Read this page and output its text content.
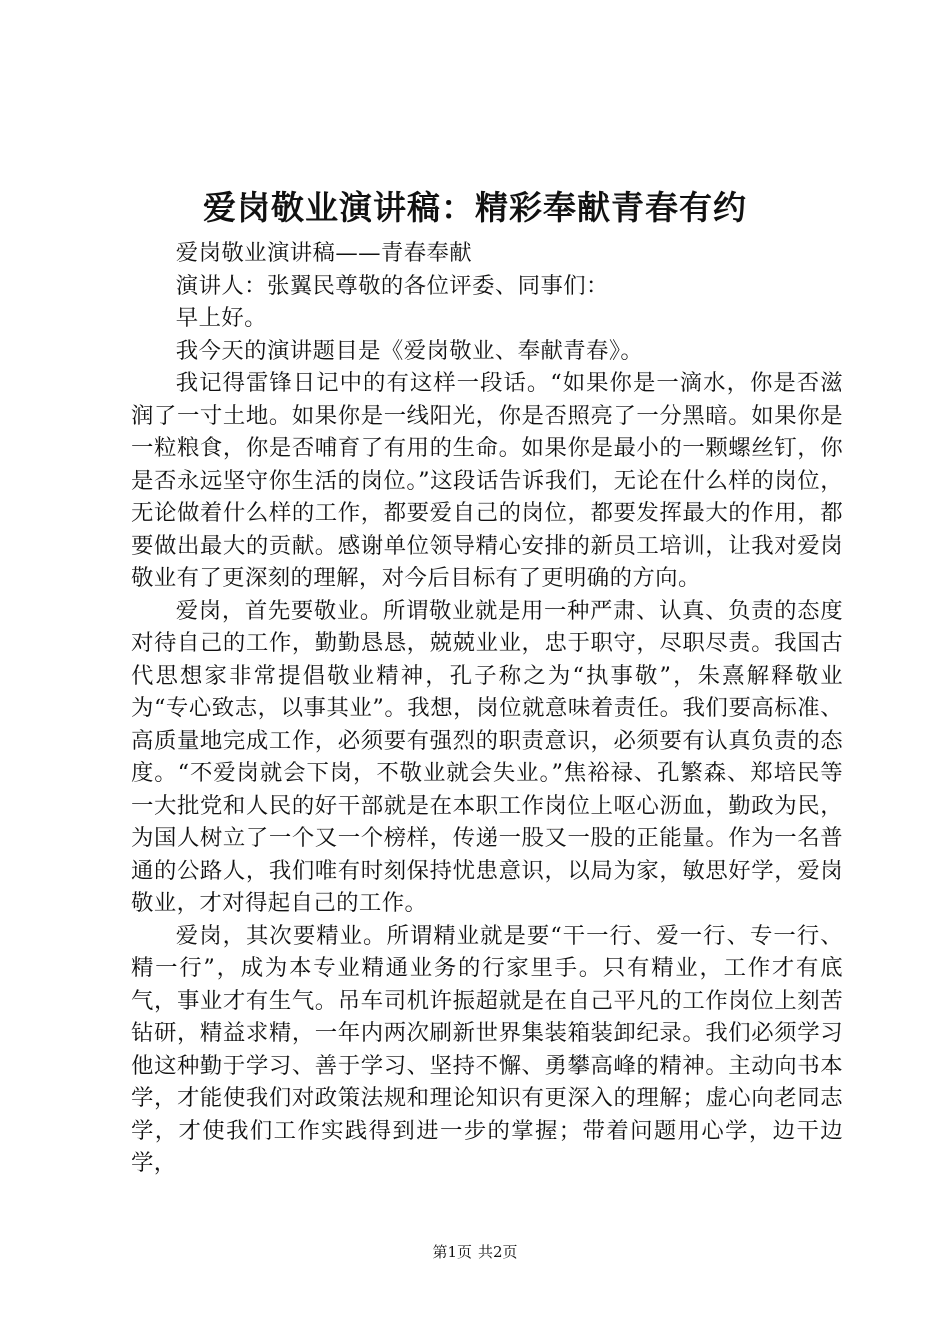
爱岗敬业演讲稿：精彩奉献青春有约

爱岗敬业演讲稿——青春奉献

演讲人：张翼民尊敬的各位评委、同事们：

早上好。

我今天的演讲题目是《爱岗敬业、奉献青春》。

我记得雷锋日记中的有这样一段话。“如果你是一滴水，你是否滋润了一寸土地。如果你是一线阳光，你是否照亮了一分黑暗。如果你是一粒粮食，你是否哺育了有用的生命。如果你是最小的一颗螺丝钉，你是否永远坚守你生活的岗位。”这段话告诉我们，无论在什么样的岗位，无论做着什么样的工作，都要爱自己的岗位，都要发挥最大的作用，都要做出最大的贡献。感谢单位领导精心安排的新员工培训，让我对爱岗敬业有了更深刻的理解，对今后目标有了更明确的方向。

爱岗，首先要敬业。所谓敬业就是用一种严肃、认真、负责的态度对待自己的工作，勤勤恳恳，兢兢业业，忠于职守，尽职尽责。我国古代思想家非常提倡敬业精神，孔子称之为“执事敬”，朱熹解释敬业为“专心致志，以事其业”。我想，岗位就意味着责任。我们要高标准、高质量地完成工作，必须要有强烈的职责意识，必须要有认真负责的态度。“不爱岗就会下岗，不敬业就会失业。”焦裕禄、孔繁森、郑培民等一大批党和人民的好干部就是在本职工作岗位上呕心沥血，勤政为民，为国人树立了一个又一个榜样，传递一股又一股的正能量。作为一名普通的公路人，我们唯有时刻保持忧患意识，以局为家，敏思好学，爱岗敬业，才对得起自己的工作。

爱岗，其次要精业。所谓精业就是要“干一行、爱一行、专一行、精一行”，成为本专业精通业务的行家里手。只有精业，工作才有底气，事业才有生气。吊车司机许振超就是在自己平凡的工作岗位上刻苦钻研，精益求精，一年内两次刷新世界集装箱装卸纪录。我们必须学习他这种勤于学习、善于学习、坚持不懈、勇攀高峰的精神。主动向书本学，才能使我们对政策法规和理论知识有更深入的理解；虚心向老同志学，才使我们工作实践得到进一步的掌握；带着问题用心学，边干边学，

第1页 共2页
